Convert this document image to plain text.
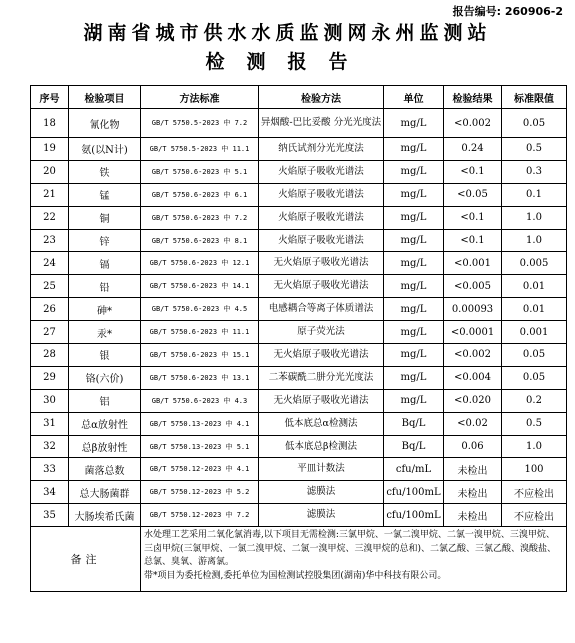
报告编号: 260906-2
湖南省城市供水水质监测网永州监测站
检测报告
序号	检验项目	方法标准	检验方法	单位	检验结果	标准限值
18	氰化物	GB/T 5750.5-2023 中 7.2	异烟酸-巴比妥酸 分光光度法	mg/L	<0.002	0.05
19	氨(以N计)	GB/T 5750.5-2023 中 11.1	纳氏试剂分光光度法	mg/L	0.24	0.5
20	铁	GB/T 5750.6-2023 中 5.1	火焰原子吸收光谱法	mg/L	<0.1	0.3
21	锰	GB/T 5750.6-2023 中 6.1	火焰原子吸收光谱法	mg/L	<0.05	0.1
22	铜	GB/T 5750.6-2023 中 7.2	火焰原子吸收光谱法	mg/L	<0.1	1.0
23	锌	GB/T 5750.6-2023 中 8.1	火焰原子吸收光谱法	mg/L	<0.1	1.0
24	镉	GB/T 5750.6-2023 中 12.1	无火焰原子吸收光谱法	mg/L	<0.001	0.005
25	铅	GB/T 5750.6-2023 中 14.1	无火焰原子吸收光谱法	mg/L	<0.005	0.01
26	砷*	GB/T 5750.6-2023 中 4.5	电感耦合等离子体质谱法	mg/L	0.00093	0.01
27	汞*	GB/T 5750.6-2023 中 11.1	原子荧光法	mg/L	<0.0001	0.001
28	银	GB/T 5750.6-2023 中 15.1	无火焰原子吸收光谱法	mg/L	<0.002	0.05
29	铬(六价)	GB/T 5750.6-2023 中 13.1	二苯碳酰二肼分光光度法	mg/L	<0.004	0.05
30	铝	GB/T 5750.6-2023 中 4.3	无火焰原子吸收光谱法	mg/L	<0.020	0.2
31	总α放射性	GB/T 5750.13-2023 中 4.1	低本底总α检测法	Bq/L	<0.02	0.5
32	总β放射性	GB/T 5750.13-2023 中 5.1	低本底总β检测法	Bq/L	0.06	1.0
33	菌落总数	GB/T 5750.12-2023 中 4.1	平皿计数法	cfu/mL	未检出	100
34	总大肠菌群	GB/T 5750.12-2023 中 5.2	滤膜法	cfu/100mL	未检出	不应检出
35	大肠埃希氏菌	GB/T 5750.12-2023 中 7.2	滤膜法	cfu/100mL	未检出	不应检出
备注		水处理工艺采用二氧化氯消毒,以下项目无需检测:三氯甲烷、一氯二溴甲烷、二氯一溴甲烷、三溴甲烷、三卤甲烷(三氯甲烷、一氯二溴甲烷、二氯一溴甲烷、三溴甲烷的总和)、二氯乙酸、三氯乙酸、溴酸盐、总氯、臭氧、游离氯。
带*项目为委托检测,委托单位为国检测试控股集团(湖南)华中科技有限公司。				
